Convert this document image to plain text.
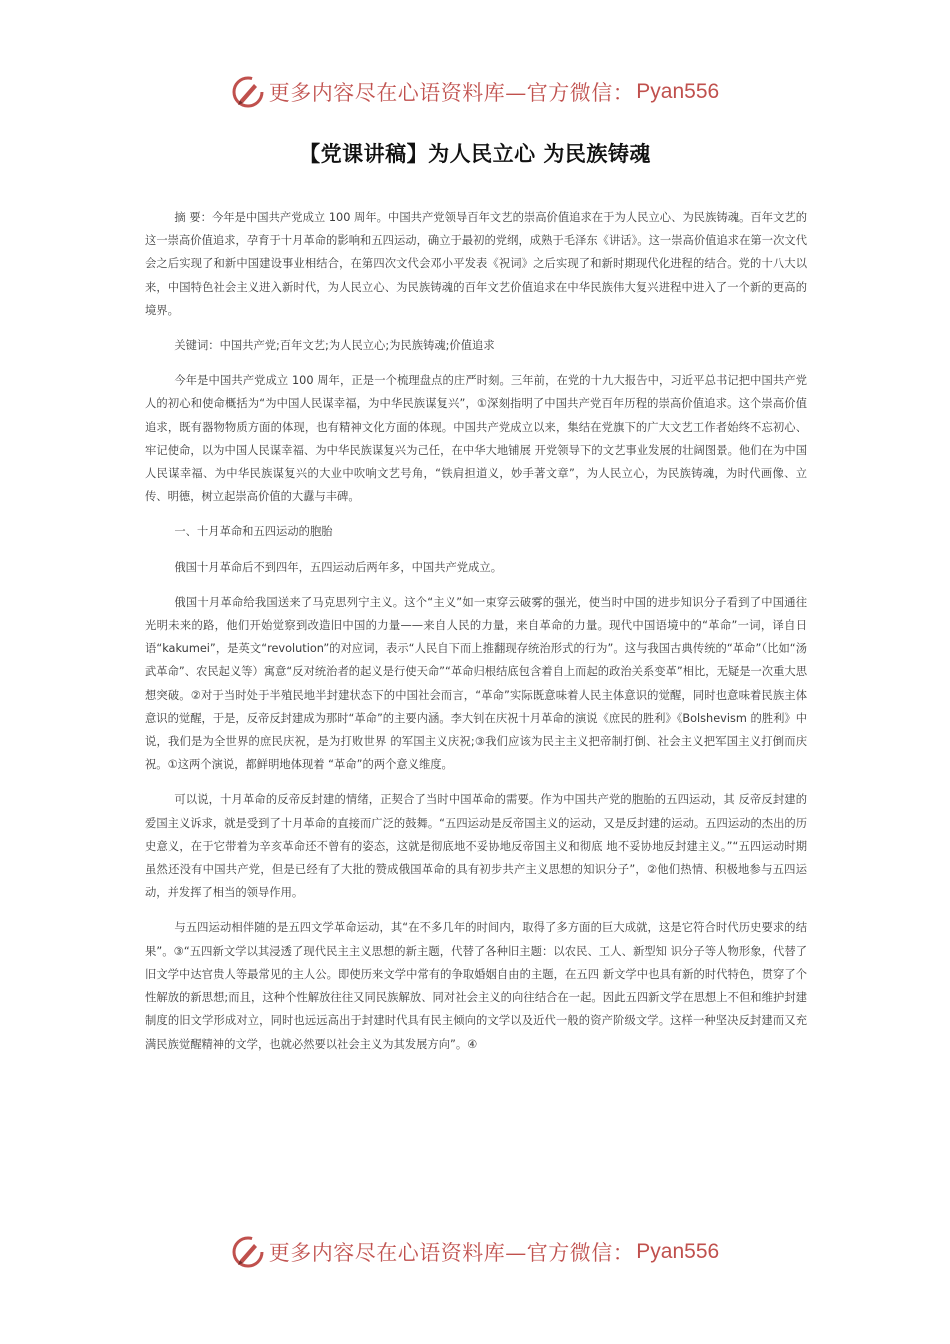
更多内容尽在心语资料库—官方微信： Pyan556
【党课讲稿】为人民立心 为民族铸魂

摘 要：今年是中国共产党成立 100 周年。中国共产党领导百年文艺的崇高价值追求在于为人民立心、为民族铸魂。百年文艺的这一崇高价值追求，孕育于十月革命的影响和五四运动，确立于最初的党纲，成熟于毛泽东《讲话》。这一崇高价值追求在第一次文代会之后实现了和新中国建设事业相结合，在第四次文代会邓小平发表《祝词》之后实现了和新时期现代化进程的结合。党的十八大以来，中国特色社会主义进入新时代，为人民立心、为民族铸魂的百年文艺价值追求在中华民族伟大复兴进程中进入了一个新的更高的境界。

关键词：中国共产党;百年文艺;为人民立心;为民族铸魂;价值追求

今年是中国共产党成立 100 周年，正是一个梳理盘点的庄严时刻。三年前，在党的十九大报告中，习近平总书记把中国共产党人的初心和使命概括为“为中国人民谋幸福，为中华民族谋复兴”，①深刻指明了中国共产党百年历程的崇高价值追求。这个崇高价值追求，既有器物物质方面的体现，也有精神文化方面的体现。中国共产党成立以来，集结在党旗下的广大文艺工作者始终不忘初心、牢记使命，以为中国人民谋幸福、为中华民族谋复兴为己任，在中华大地铺展 开党领导下的文艺事业发展的壮阔图景。他们在为中国人民谋幸福、为中华民族谋复兴的大业中吹响文艺号角，“铁肩担道义，妙手著文章”，为人民立心，为民族铸魂，为时代画像、立传、明德，树立起崇高价值的大纛与丰碑。

一、十月革命和五四运动的胞胎

俄国十月革命后不到四年，五四运动后两年多，中国共产党成立。

俄国十月革命给我国送来了马克思列宁主义。这个“主义”如一束穿云破雾的强光，使当时中国的进步知识分子看到了中国通往光明未来的路，他们开始觉察到改造旧中国的力量——来自人民的力量，来自革命的力量。现代中国语境中的“革命”一词，译自日语“kakumei”，是英文“revolution”的对应词，表示“人民自下而上推翻现存统治形式的行为”。这与我国古典传统的“革命”（比如“汤武革命”、农民起义等）寓意“反对统治者的起义是行使天命”“革命归根结底包含着自上而起的政治关系变革”相比，无疑是一次重大思想突破。②对于当时处于半殖民地半封建状态下的中国社会而言，“革命”实际既意味着人民主体意识的觉醒，同时也意味着民族主体意识的觉醒，于是，反帝反封建成为那时“革命”的主要内涵。李大钊在庆祝十月革命的演说《庶民的胜利》《Bolshevism 的胜利》中说，我们是为全世界的庶民庆祝，是为打败世界 的军国主义庆祝;③我们应该为民主主义把帝制打倒、社会主义把军国主义打倒而庆祝。①这两个演说，都鲜明地体现着 “革命”的两个意义维度。

可以说，十月革命的反帝反封建的情绪，正契合了当时中国革命的需要。作为中国共产党的胞胎的五四运动，其 反帝反封建的爱国主义诉求，就是受到了十月革命的直接而广泛的鼓舞。“五四运动是反帝国主义的运动，又是反封建的运动。五四运动的杰出的历史意义，在于它带着为辛亥革命还不曾有的姿态，这就是彻底地不妥协地反帝国主义和彻底 地不妥协地反封建主义。”“五四运动时期虽然还没有中国共产党，但是已经有了大批的赞成俄国革命的具有初步共产主义思想的知识分子”，②他们热情、积极地参与五四运动，并发挥了相当的领导作用。

与五四运动相伴随的是五四文学革命运动，其“在不多几年的时间内，取得了多方面的巨大成就，这是它符合时代历史要求的结果”。③“五四新文学以其浸透了现代民主主义思想的新主题，代替了各种旧主题：以农民、工人、新型知 识分子等人物形象，代替了旧文学中达官贵人等最常见的主人公。即使历来文学中常有的争取婚姻自由的主题，在五四 新文学中也具有新的时代特色，贯穿了个性解放的新思想;而且，这种个性解放往往又同民族解放、同对社会主义的向往结合在一起。因此五四新文学在思想上不但和维护封建制度的旧文学形成对立，同时也远远高出于封建时代具有民主倾向的文学以及近代一般的资产阶级文学。这样一种坚决反封建而又充满民族觉醒精神的文学，也就必然要以社会主义为其发展方向”。④

更多内容尽在心语资料库—官方微信： Pyan556
